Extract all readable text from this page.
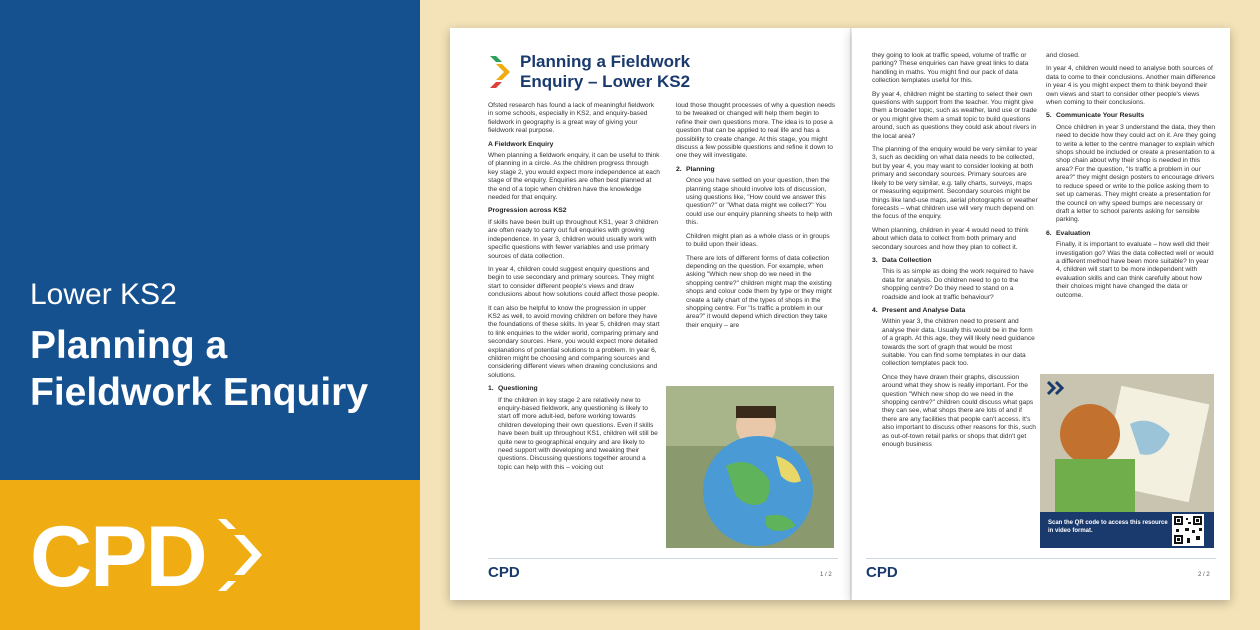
Lower KS2
Planning a Fieldwork Enquiry
CPD
Planning a Fieldwork
Enquiry – Lower KS2

Ofsted research has found a lack of meaningful fieldwork in some schools, especially in KS2, and enquiry-based fieldwork in geography is a great way of giving your fieldwork real purpose.

A Fieldwork Enquiry

When planning a fieldwork enquiry, it can be useful to think of planning in a circle. As the children progress through key stage 2, you would expect more independence at each stage of the enquiry. Enquiries are often best planned at the end of a topic when children have the knowledge needed for that enquiry.

Progression across KS2

If skills have been built up throughout KS1, year 3 children are often ready to carry out full enquiries with growing independence. In year 3, children would usually work with specific questions with fewer variables and use primary sources of data collection.

In year 4, children could suggest enquiry questions and begin to use secondary and primary sources. They might start to consider different people's views and draw conclusions about how solutions could affect those people.

It can also be helpful to know the progression in upper KS2 as well, to avoid moving children on before they have the foundations of these skills. In year 5, children may start to link enquiries to the wider world, comparing primary and secondary sources. Here, you would expect more detailed explanations of potential solutions to a problem. In year 6, children might be choosing and comparing sources and considering different views when drawing conclusions and solutions.

1. Questioning

If the children in key stage 2 are relatively new to enquiry-based fieldwork, any questioning is likely to start off more adult-led, before working towards children developing their own questions. Even if skills have been built up throughout KS1, children will still be quite new to geographical enquiry and are likely to need support with developing and tweaking their questions. Discussing questions together around a topic can help with this – voicing out

loud those thought processes of why a question needs to be tweaked or changed will help them begin to refine their own questions more. The idea is to pose a question that can be applied to real life and has a possibility to create change. At this stage, you might discuss a few possible questions and refine it down to one they will investigate.

2. Planning

Once you have settled on your question, then the planning stage should involve lots of discussion, using questions like, "How could we answer this question?" or "What data might we collect?" You could use our enquiry planning sheets to help with this.

Children might plan as a whole class or in groups to build upon their ideas.

There are lots of different forms of data collection depending on the question. For example, when asking "Which new shop do we need in the shopping centre?" children might map the existing shops and colour code them by type or they might create a tally chart of the types of shops in the shopping centre. For "Is traffic a problem in our area?" it would depend which direction they take their enquiry – are

CPD	1 / 2

they going to look at traffic speed, volume of traffic or parking? These enquiries can have great links to data handling in maths. You might find our pack of data collection templates useful for this.

By year 4, children might be starting to select their own questions with support from the teacher. You might give them a broader topic, such as weather, land use or trade or you might give them a small topic to build questions around, such as questions they could ask about rivers in the local area?

The planning of the enquiry would be very similar to year 3, such as deciding on what data needs to be collected, but by year 4, you may want to consider looking at both primary and secondary sources. Primary sources are likely to be very similar, e.g. tally charts, surveys, maps or measuring equipment. Secondary sources might be things like land-use maps, aerial photographs or weather forecasts – what children use will very much depend on the focus of the enquiry.

When planning, children in year 4 would need to think about which data to collect from both primary and secondary sources and how they plan to collect it.

3. Data Collection

This is as simple as doing the work required to have data for analysis. Do children need to go to the shopping centre? Do they need to stand on a roadside and look at traffic behaviour?

4. Present and Analyse Data

Within year 3, the children need to present and analyse their data. Usually this would be in the form of a graph. At this age, they will likely need guidance towards the sort of graph that would be most suitable. You can find some templates in our data collection templates pack too.

Once they have drawn their graphs, discussion around what they show is really important. For the question "Which new shop do we need in the shopping centre?" children could discuss what gaps they can see, what shops there are lots of and if there are any facilities that people can't access. It's also important to discuss other reasons for this, such as out-of-town retail parks or shops that didn't get enough business

and closed.

In year 4, children would need to analyse both sources of data to come to their conclusions. Another main difference in year 4 is you might expect them to think beyond their own views and start to consider other people's views when coming to their conclusions.

5. Communicate Your Results

Once children in year 3 understand the data, they then need to decide how they could act on it. Are they going to write a letter to the centre manager to explain which shops should be included or create a presentation to a shop chain about why their shop is needed in this area? For the question, "Is traffic a problem in our area?" they might design posters to encourage drivers to reduce speed or write to the police asking them to set up cameras. They might create a presentation for the council on why speed bumps are necessary or draft a letter to school parents asking for sensible parking.

6. Evaluation

Finally, it is important to evaluate – how well did their investigation go? Was the data collected well or would a different method have been more suitable? In year 4, children will start to be more independent with evaluation skills and can think carefully about how their choices might have changed the data or outcome.

Scan the QR code to access this resource in video format.
CPD	2 / 2
